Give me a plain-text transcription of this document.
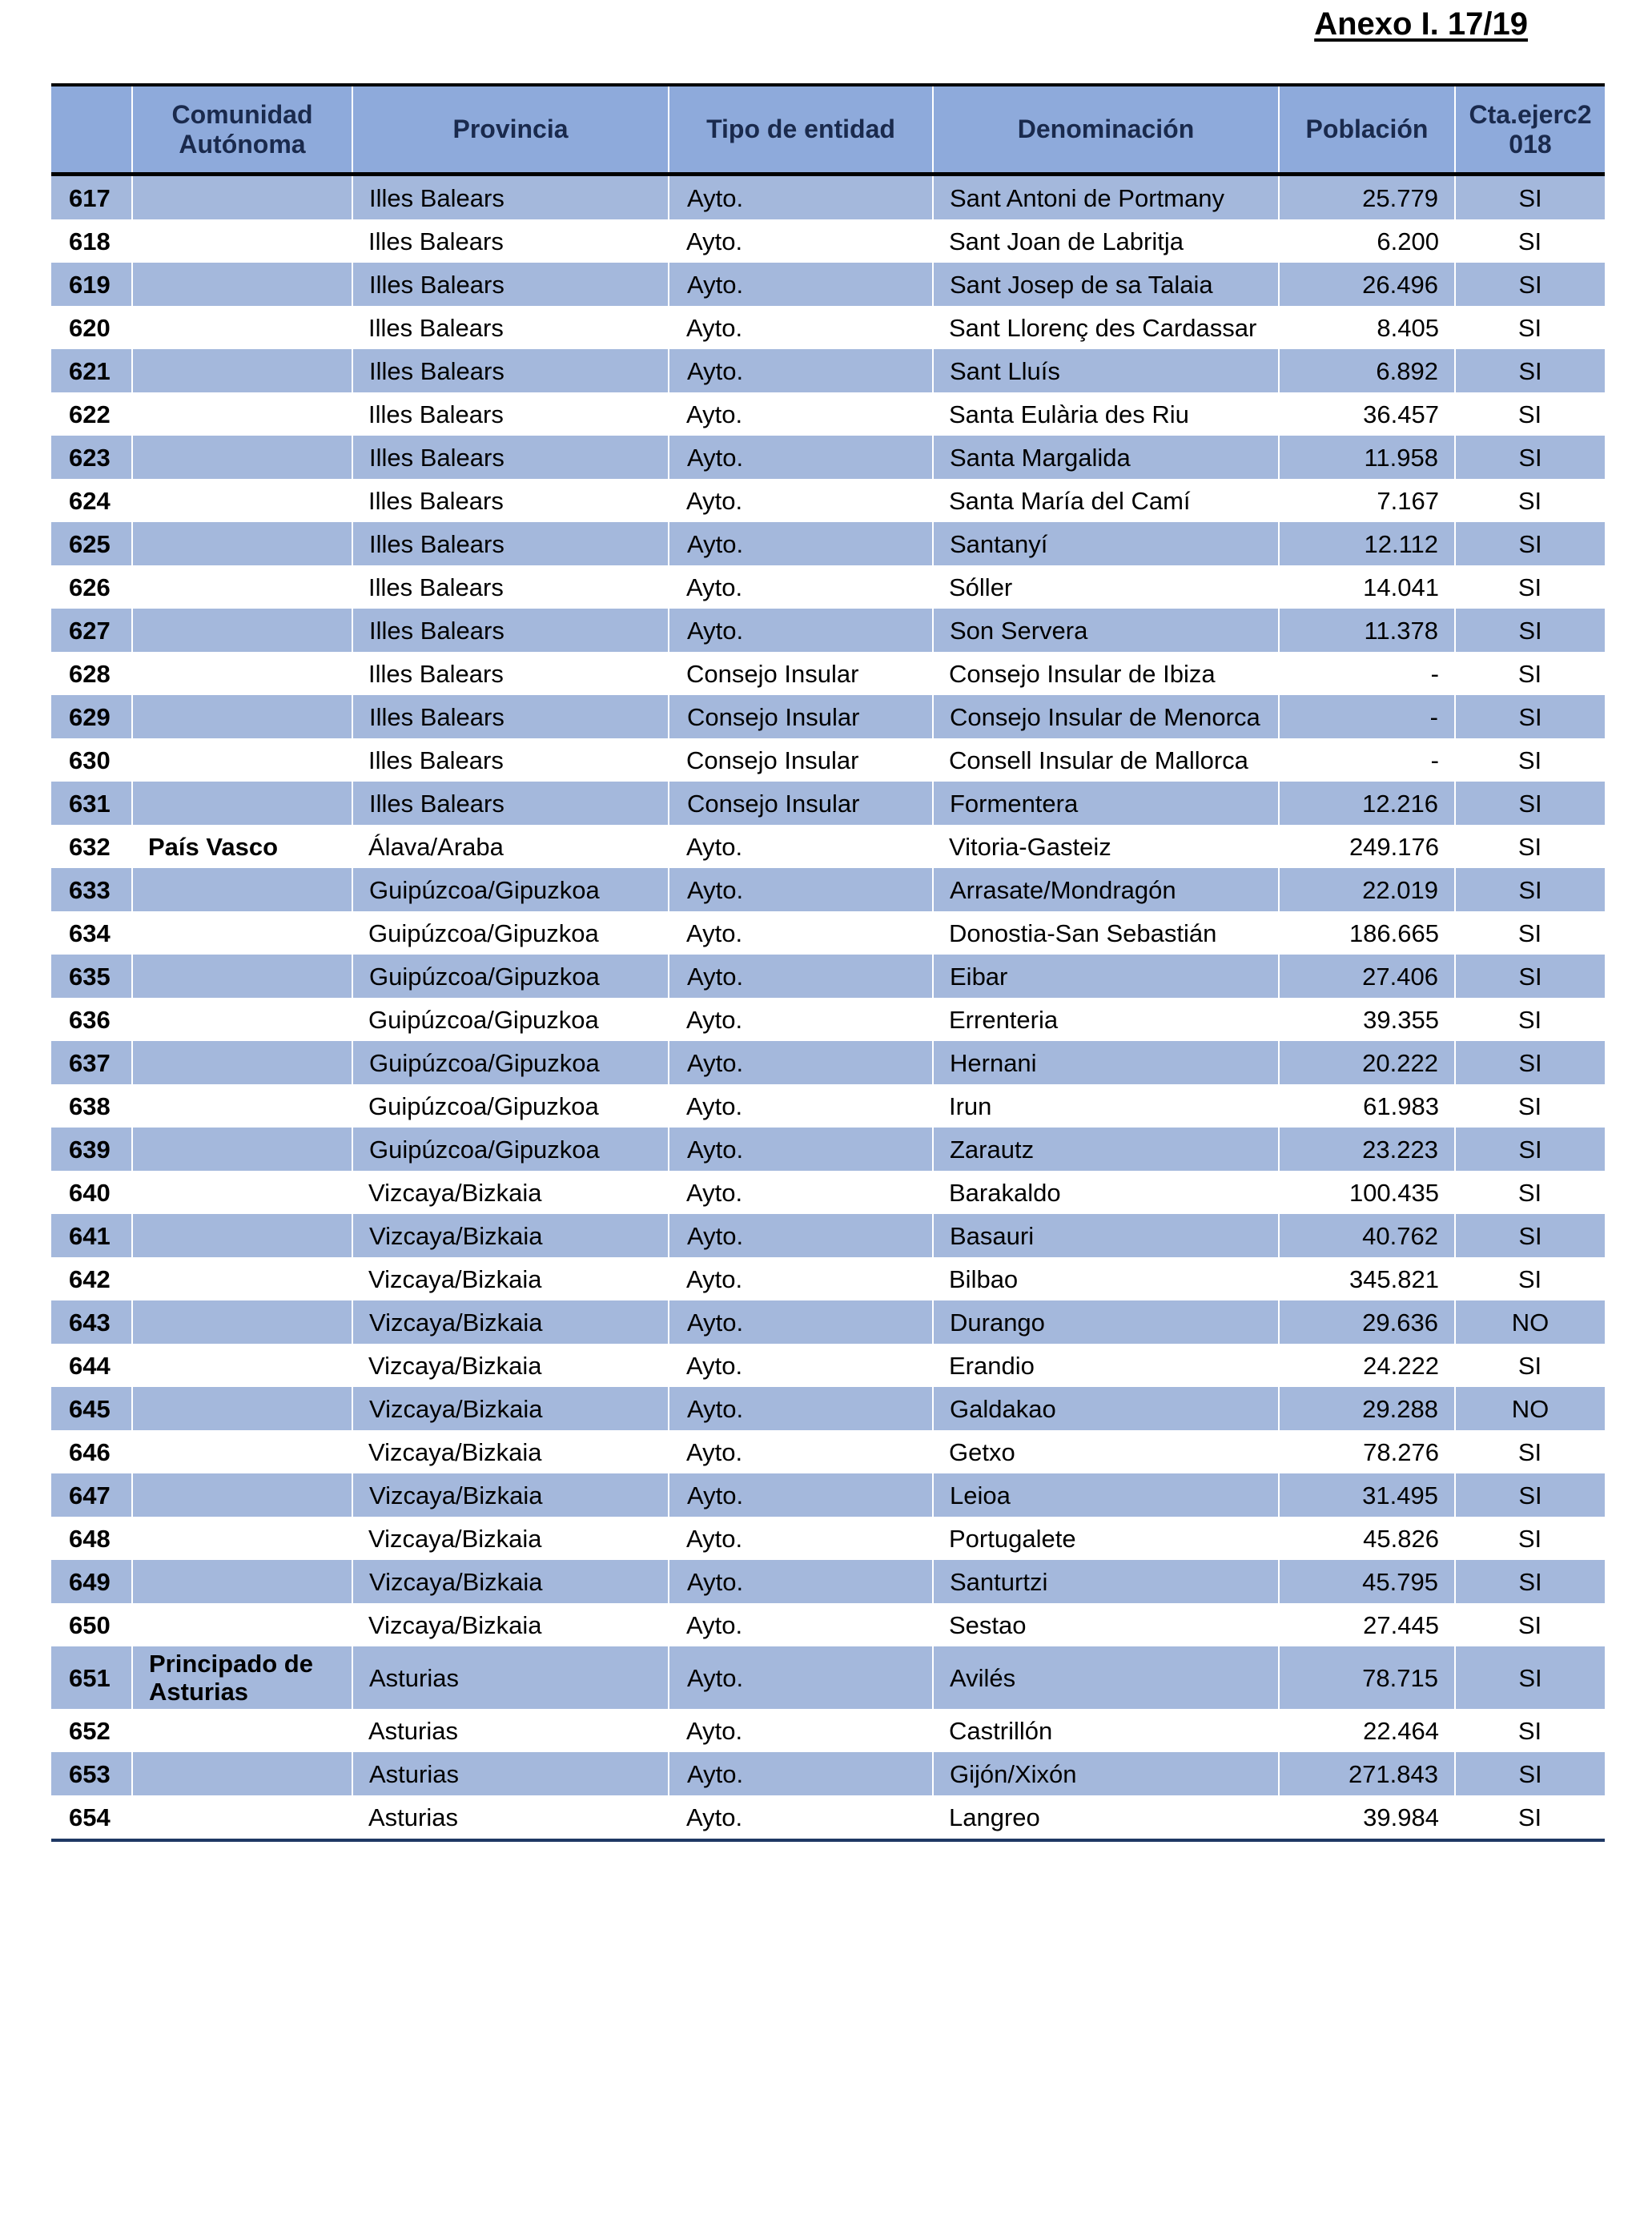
Anexo I. 17/19
	Comunidad Autónoma	Provincia	Tipo de entidad	Denominación	Población	Cta.ejerc2 018
617		Illes Balears	Ayto.	Sant Antoni de Portmany	25.779	SI
618		Illes Balears	Ayto.	Sant Joan de Labritja	6.200	SI
619		Illes Balears	Ayto.	Sant Josep de sa Talaia	26.496	SI
620		Illes Balears	Ayto.	Sant Llorenç des Cardassar	8.405	SI
621		Illes Balears	Ayto.	Sant Lluís	6.892	SI
622		Illes Balears	Ayto.	Santa Eulària des Riu	36.457	SI
623		Illes Balears	Ayto.	Santa Margalida	11.958	SI
624		Illes Balears	Ayto.	Santa María del Camí	7.167	SI
625		Illes Balears	Ayto.	Santanyí	12.112	SI
626		Illes Balears	Ayto.	Sóller	14.041	SI
627		Illes Balears	Ayto.	Son Servera	11.378	SI
628		Illes Balears	Consejo Insular	Consejo Insular de Ibiza	-	SI
629		Illes Balears	Consejo Insular	Consejo Insular de Menorca	-	SI
630		Illes Balears	Consejo Insular	Consell Insular de Mallorca	-	SI
631		Illes Balears	Consejo Insular	Formentera	12.216	SI
632	País Vasco	Álava/Araba	Ayto.	Vitoria-Gasteiz	249.176	SI
633		Guipúzcoa/Gipuzkoa	Ayto.	Arrasate/Mondragón	22.019	SI
634		Guipúzcoa/Gipuzkoa	Ayto.	Donostia-San Sebastián	186.665	SI
635		Guipúzcoa/Gipuzkoa	Ayto.	Eibar	27.406	SI
636		Guipúzcoa/Gipuzkoa	Ayto.	Errenteria	39.355	SI
637		Guipúzcoa/Gipuzkoa	Ayto.	Hernani	20.222	SI
638		Guipúzcoa/Gipuzkoa	Ayto.	Irun	61.983	SI
639		Guipúzcoa/Gipuzkoa	Ayto.	Zarautz	23.223	SI
640		Vizcaya/Bizkaia	Ayto.	Barakaldo	100.435	SI
641		Vizcaya/Bizkaia	Ayto.	Basauri	40.762	SI
642		Vizcaya/Bizkaia	Ayto.	Bilbao	345.821	SI
643		Vizcaya/Bizkaia	Ayto.	Durango	29.636	NO
644		Vizcaya/Bizkaia	Ayto.	Erandio	24.222	SI
645		Vizcaya/Bizkaia	Ayto.	Galdakao	29.288	NO
646		Vizcaya/Bizkaia	Ayto.	Getxo	78.276	SI
647		Vizcaya/Bizkaia	Ayto.	Leioa	31.495	SI
648		Vizcaya/Bizkaia	Ayto.	Portugalete	45.826	SI
649		Vizcaya/Bizkaia	Ayto.	Santurtzi	45.795	SI
650		Vizcaya/Bizkaia	Ayto.	Sestao	27.445	SI
651	Principado de Asturias	Asturias	Ayto.	Avilés	78.715	SI
652		Asturias	Ayto.	Castrillón	22.464	SI
653		Asturias	Ayto.	Gijón/Xixón	271.843	SI
654		Asturias	Ayto.	Langreo	39.984	SI
